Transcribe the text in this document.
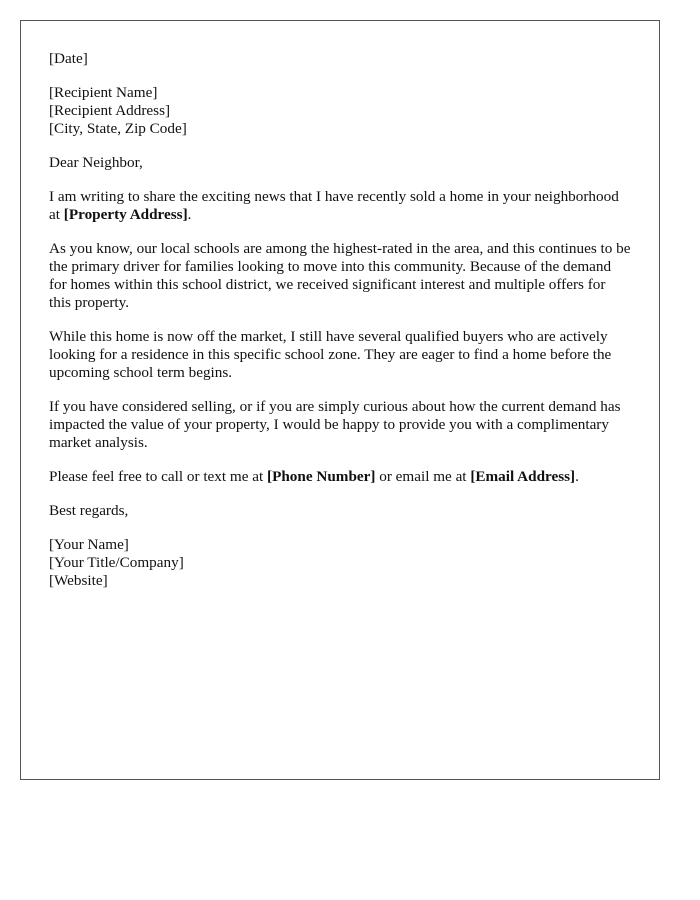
[Date]
[Recipient Name]
[Recipient Address]
[City, State, Zip Code]

Dear Neighbor,

I am writing to share the exciting news that I have recently sold a home in your neighborhood at [Property Address].

As you know, our local schools are among the highest-rated in the area, and this continues to be the primary driver for families looking to move into this community. Because of the demand for homes within this school district, we received significant interest and multiple offers for this property.

While this home is now off the market, I still have several qualified buyers who are actively looking for a residence in this specific school zone. They are eager to find a home before the upcoming school term begins.

If you have considered selling, or if you are simply curious about how the current demand has impacted the value of your property, I would be happy to provide you with a complimentary market analysis.

Please feel free to call or text me at [Phone Number] or email me at [Email Address].

Best regards,

[Your Name]
[Your Title/Company]
[Website]
